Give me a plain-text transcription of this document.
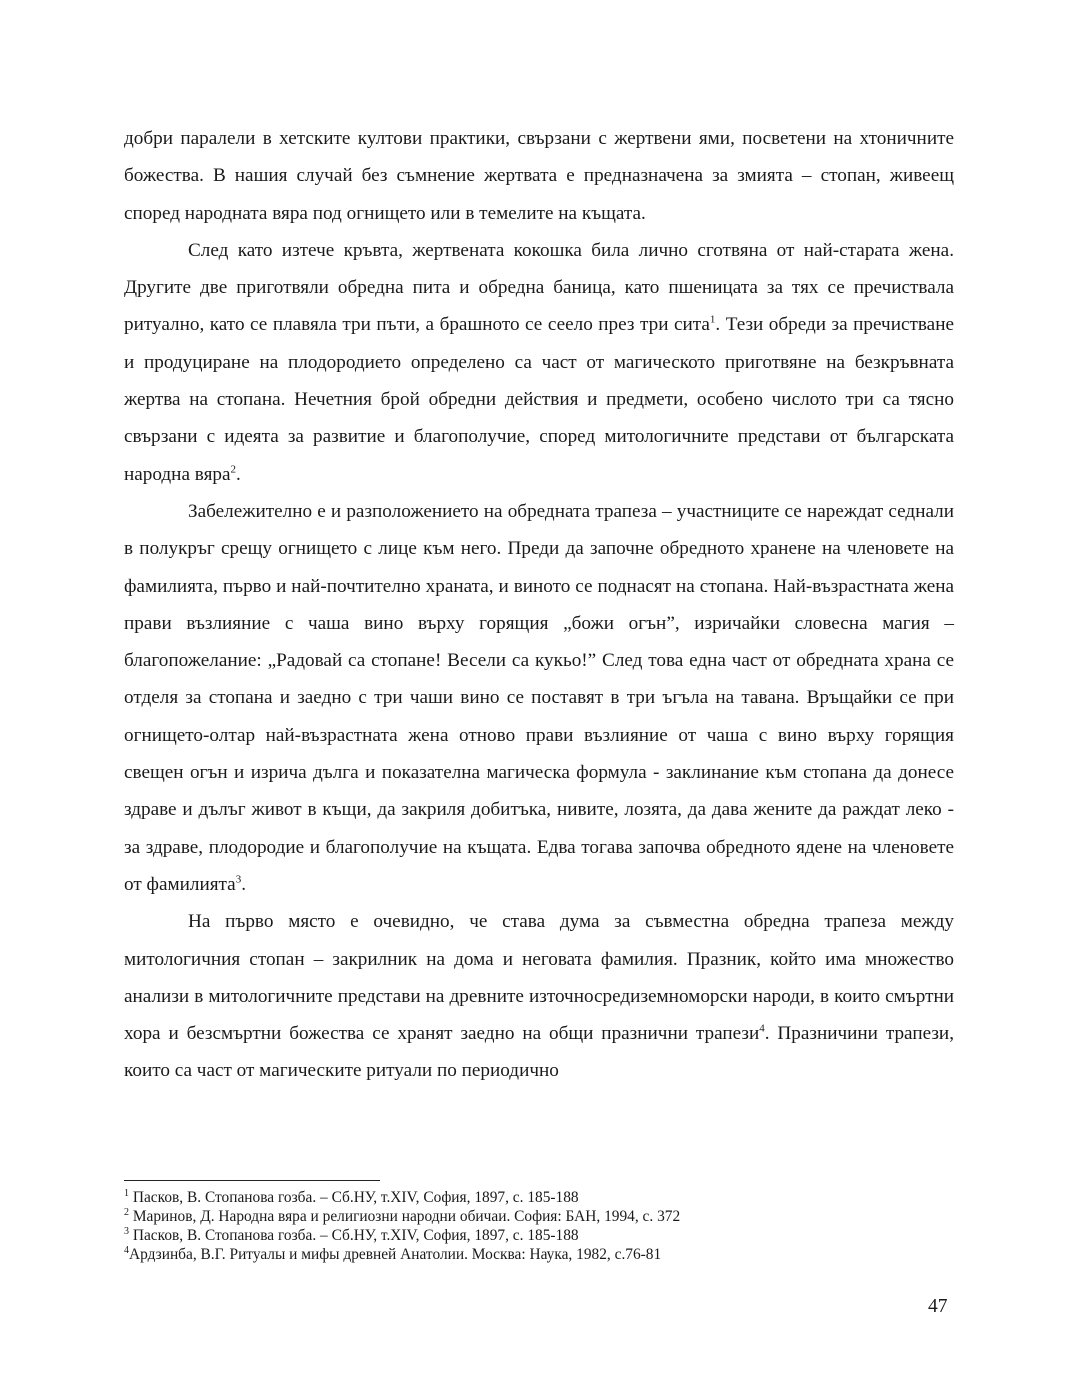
добри паралели в хетските култови практики, свързани с жертвени ями, посветени на хтоничните божества. В нашия случай без съмнение жертвата е предназначена за змията – стопан, живеещ според народната вяра под огнището или в темелите на къщата.

След като изтече кръвта, жертвената кокошка била лично сготвяна от най-старата жена. Другите две приготвяли обредна пита и обредна баница, като пшеницата за тях се пречиствала ритуално, като се плавяла три пъти, а брашното се сеело през три сита$^1$. Тези обреди за пречистване и продуциране на плодородието определено са част от магическото приготвяне на безкръвната жертва на стопана. Нечетния брой обредни действия и предмети, особено числото три са тясно свързани с идеята за развитие и благополучие, според митологичните представи от българската народна вяра$^2$.

Забележително е и разположението на обредната трапеза – участниците се нареждат седнали в полукръг срещу огнището с лице към него. Преди да започне обредното хранене на членовете на фамилията, първо и най-почтително храната, и виното се поднасят на стопана. Най-възрастната жена прави възлияние с чаша вино върху горящия „божи огън”, изричайки словесна магия – благопожелание: „Радовай са стопане! Весели са кукьо!” След това една част от обредната храна се отделя за стопана и заедно с три чаши вино се поставят в три ъгъла на тавана. Връщайки се при огнището-олтар най-възрастната жена отново прави възлияние от чаша с вино върху горящия свещен огън и изрича дълга и показателна магическа формула - заклинание към стопана да донесе здраве и дълъг живот в къщи, да закриля добитъка, нивите, лозята, да дава жените да раждат леко - за здраве, плодородие и благополучие на къщата. Едва тогава започва обредното ядене на членовете от фамилията$^3$.

На първо място е очевидно, че става дума за съвместна обредна трапеза между митологичния стопан – закрилник на дома и неговата фамилия. Празник, който има множество анализи в митологичните представи на древните източносредиземноморски народи, в които смъртни хора и безсмъртни божества се хранят заедно на общи празнични трапези$^4$. Празничини трапези, които са част от магическите ритуали по периодично

$^1$ Пасков, В. Стопанова гозба. – Сб.НУ, т.XIV, София, 1897, с. 185-188
$^2$ Маринов, Д. Народна вяра и религиозни народни обичаи. София: БАН, 1994, с. 372
$^3$ Пасков, В. Стопанова гозба. – Сб.НУ, т.XIV, София, 1897, с. 185-188
$^4$Ардзинба, В.Г. Ритуалы и мифы древней Анатолии. Москва: Наука, 1982, с.76-81
47
